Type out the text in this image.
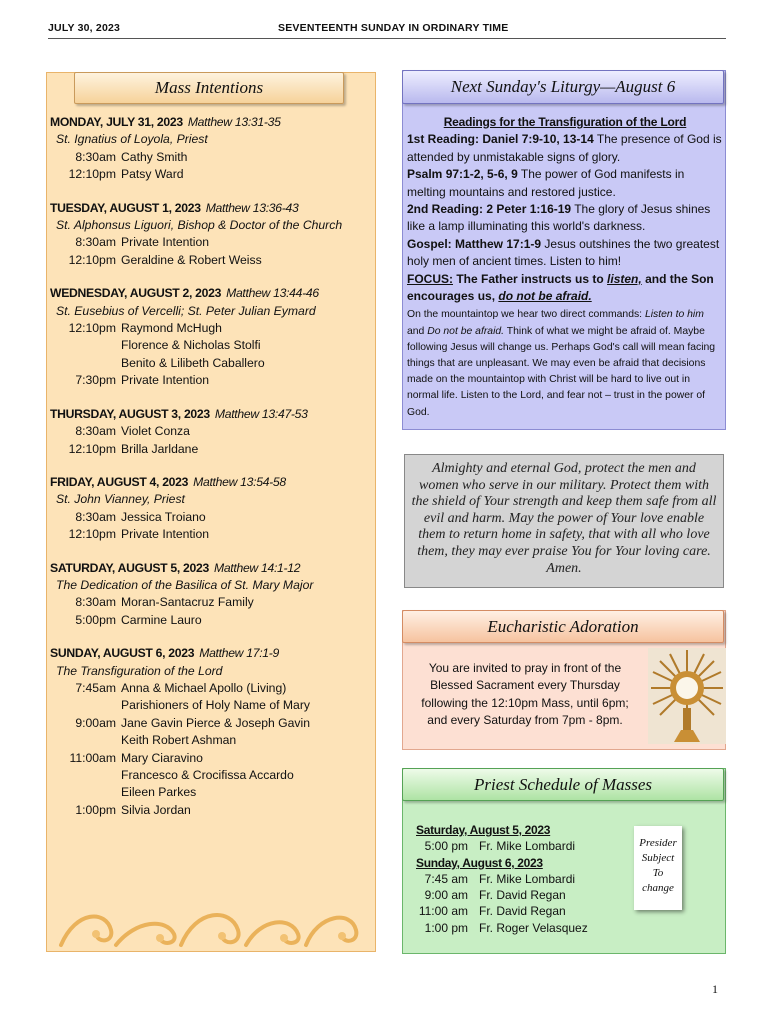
JULY 30, 2023	SEVENTEENTH SUNDAY IN ORDINARY TIME
Mass Intentions
MONDAY, JULY 31, 2023 Matthew 13:31-35
St. Ignatius of Loyola, Priest
8:30am Cathy Smith
12:10pm Patsy Ward
TUESDAY, AUGUST 1, 2023 Matthew 13:36-43
St. Alphonsus Liguori, Bishop & Doctor of the Church
8:30am Private Intention
12:10pm Geraldine & Robert Weiss
WEDNESDAY, AUGUST 2, 2023 Matthew 13:44-46
St. Eusebius of Vercelli; St. Peter Julian Eymard
12:10pm Raymond McHugh
Florence & Nicholas Stolfi
Benito & Lilibeth Caballero
7:30pm Private Intention
THURSDAY, AUGUST 3, 2023 Matthew 13:47-53
8:30am Violet Conza
12:10pm Brilla Jarldane
FRIDAY, AUGUST 4, 2023 Matthew 13:54-58
St. John Vianney, Priest
8:30am Jessica Troiano
12:10pm Private Intention
SATURDAY, AUGUST 5, 2023 Matthew 14:1-12
The Dedication of the Basilica of St. Mary Major
8:30am Moran-Santacruz Family
5:00pm Carmine Lauro
SUNDAY, AUGUST 6, 2023 Matthew 17:1-9
The Transfiguration of the Lord
7:45am Anna & Michael Apollo (Living)
Parishioners of Holy Name of Mary
9:00am Jane Gavin Pierce & Joseph Gavin
Keith Robert Ashman
11:00am Mary Ciaravino
Francesco & Crocifissa Accardo
Eileen Parkes
1:00pm Silvia Jordan
Next Sunday's Liturgy—August 6
Readings for the Transfiguration of the Lord
1st Reading: Daniel 7:9-10, 13-14 The presence of God is attended by unmistakable signs of glory.
Psalm 97:1-2, 5-6, 9 The power of God manifests in melting mountains and restored justice.
2nd Reading: 2 Peter 1:16-19 The glory of Jesus shines like a lamp illuminating this world's darkness.
Gospel: Matthew 17:1-9 Jesus outshines the two greatest holy men of ancient times. Listen to him!
FOCUS: The Father instructs us to listen, and the Son encourages us, do not be afraid.
On the mountaintop we hear two direct commands: Listen to him and Do not be afraid. Think of what we might be afraid of. Maybe following Jesus will change us. Perhaps God's call will mean facing things that are unpleasant. We may even be afraid that decisions made on the mountaintop with Christ will be hard to live out in normal life. Listen to the Lord, and fear not – trust in the power of God.
Almighty and eternal God, protect the men and women who serve in our military. Protect them with the shield of Your strength and keep them safe from all evil and harm. May the power of Your love enable them to return home in safety, that with all who love them, they may ever praise You for Your loving care. Amen.
Eucharistic Adoration
You are invited to pray in front of the Blessed Sacrament every Thursday following the 12:10pm Mass, until 6pm; and every Saturday from 7pm - 8pm.
Priest Schedule of Masses
Saturday, August 5, 2023
5:00 pm Fr. Mike Lombardi
Sunday, August 6, 2023
7:45 am Fr. Mike Lombardi
9:00 am Fr. David Regan
11:00 am Fr. David Regan
1:00 pm Fr. Roger Velasquez
Presider
Subject
To
change
1
